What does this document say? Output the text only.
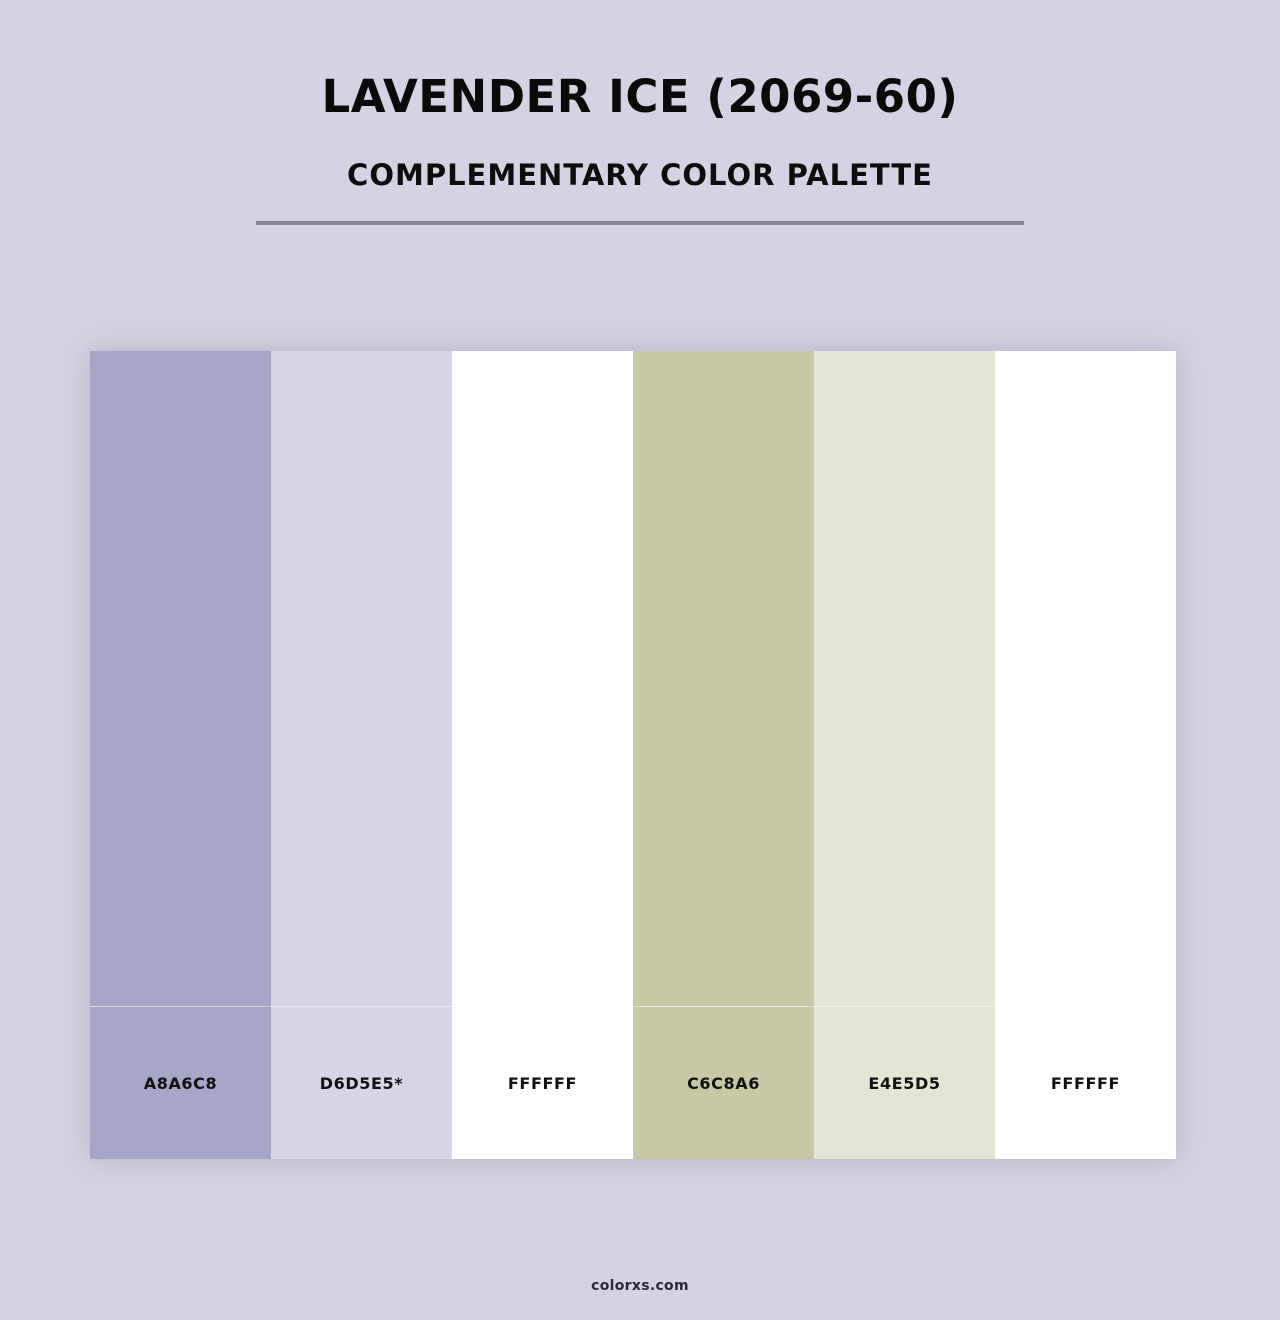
LAVENDER ICE (2069-60)
COMPLEMENTARY COLOR PALETTE
A8A6C8	D6D5E5*	FFFFFF	C6C8A6	E4E5D5	FFFFFF
colorxs.com
